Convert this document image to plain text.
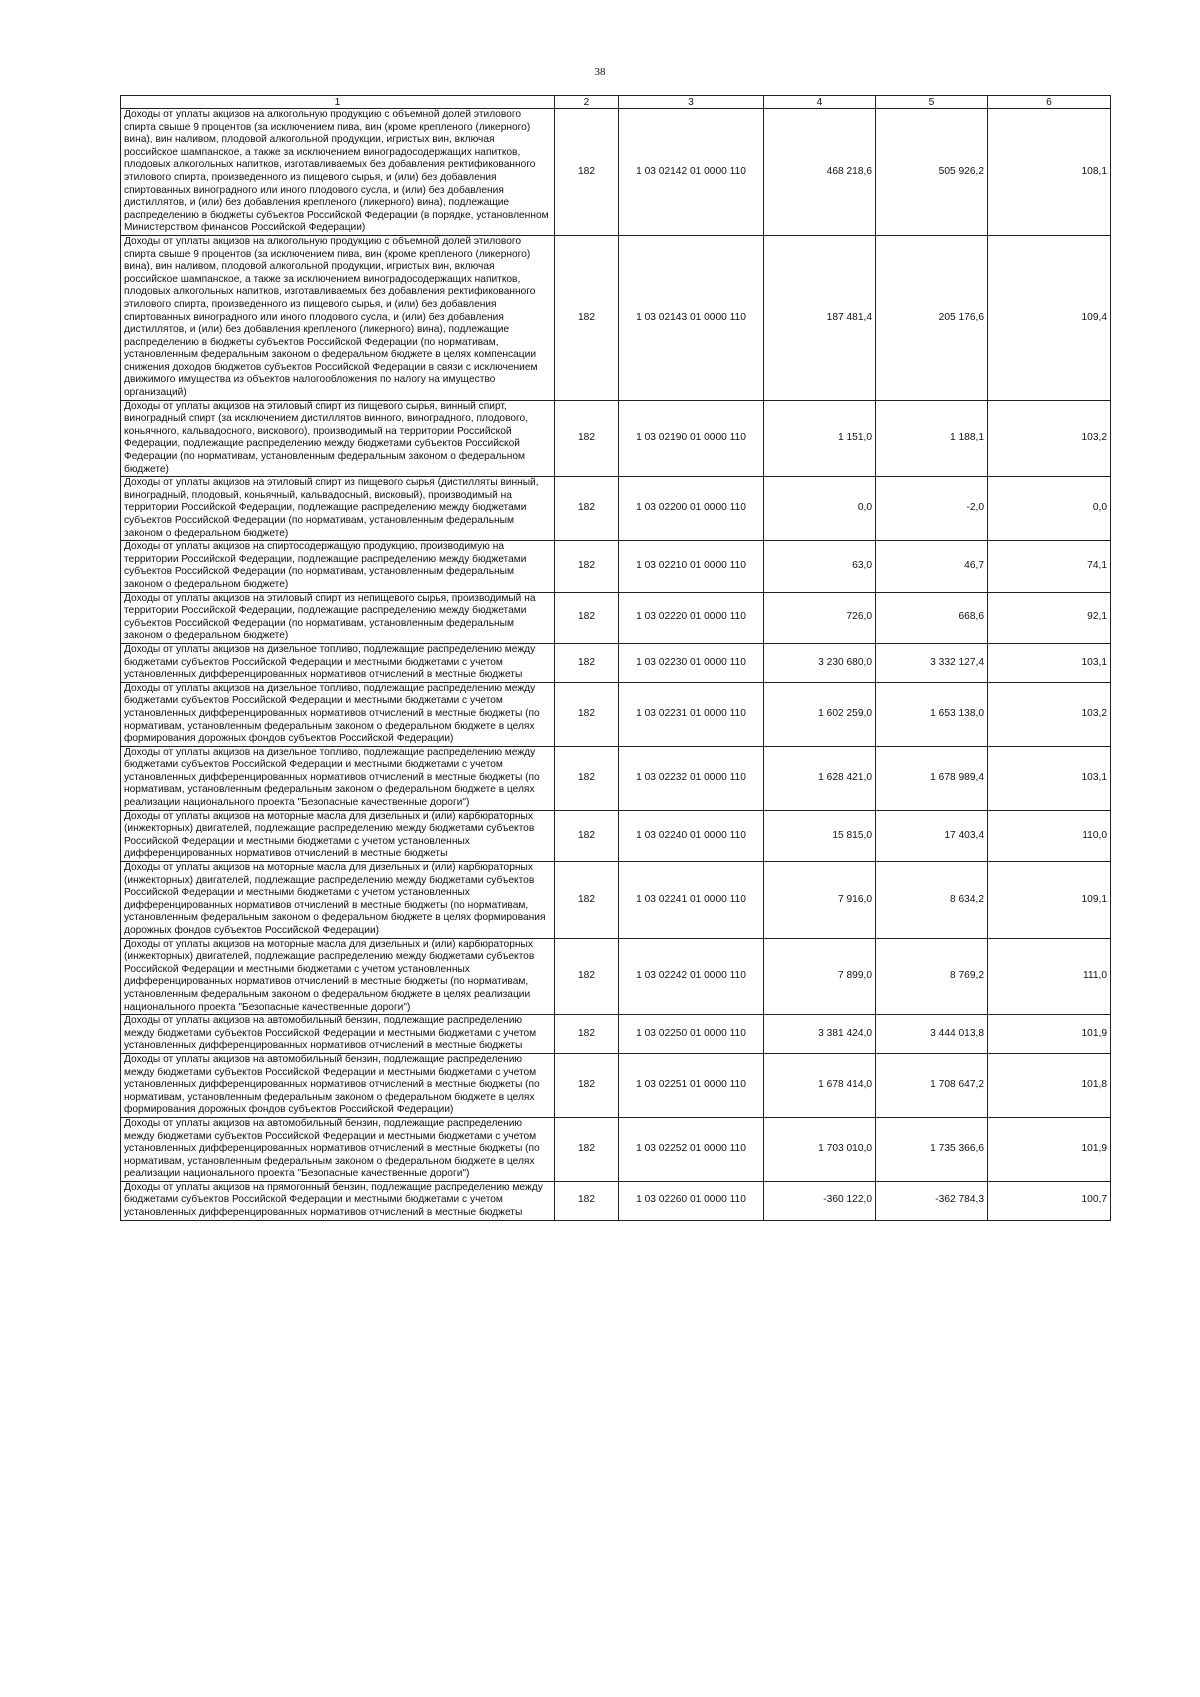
38
1	2	3	4	5	6
Доходы от уплаты акцизов на алкогольную продукцию с объемной долей этилового спирта свыше 9 процентов (за исключением пива, вин (кроме крепленого (ликерного) вина), вин наливом, плодовой алкогольной продукции, игристых вин, включая российское шампанское, а также за исключением виноградосодержащих напитков, плодовых алкогольных напитков, изготавливаемых без добавления ректификованного этилового спирта, произведенного из пищевого сырья, и (или) без добавления спиртованных виноградного или иного плодового сусла, и (или) без добавления дистиллятов, и (или) без добавления крепленого (ликерного) вина), подлежащие распределению в бюджеты субъектов Российской Федерации (в порядке, установленном Министерством финансов Российской Федерации)	182	1 03 02142 01 0000 110	468 218,6	505 926,2	108,1
Доходы от уплаты акцизов на алкогольную продукцию с объемной долей этилового спирта свыше 9 процентов (за исключением пива, вин (кроме крепленого (ликерного) вина), вин наливом, плодовой алкогольной продукции, игристых вин, включая российское шампанское, а также за исключением виноградосодержащих напитков, плодовых алкогольных напитков, изготавливаемых без добавления ректификованного этилового спирта, произведенного из пищевого сырья, и (или) без добавления спиртованных виноградного или иного плодового сусла, и (или) без добавления дистиллятов, и (или) без добавления крепленого (ликерного) вина), подлежащие распределению в бюджеты субъектов Российской Федерации (по нормативам, установленным федеральным законом о федеральном бюджете в целях компенсации снижения доходов бюджетов субъектов Российской Федерации в связи с исключением движимого имущества из объектов налогообложения по налогу на имущество организаций)	182	1 03 02143 01 0000 110	187 481,4	205 176,6	109,4
Доходы от уплаты акцизов на этиловый спирт из пищевого сырья, винный спирт, виноградный спирт (за исключением дистиллятов винного, виноградного, плодового, коньячного, кальвадосного, вискового), производимый на территории Российской Федерации, подлежащие распределению между бюджетами субъектов Российской Федерации (по нормативам, установленным федеральным законом о федеральном бюджете)	182	1 03 02190 01 0000 110	1 151,0	1 188,1	103,2
Доходы от уплаты акцизов на этиловый спирт из пищевого сырья (дистилляты винный, виноградный, плодовый, коньячный, кальвадосный, висковый), производимый на территории Российской Федерации, подлежащие распределению между бюджетами субъектов Российской Федерации (по нормативам, установленным федеральным законом о федеральном бюджете)	182	1 03 02200 01 0000 110	0,0	-2,0	0,0
Доходы от уплаты акцизов на спиртосодержащую продукцию, производимую на территории Российской Федерации, подлежащие распределению между бюджетами субъектов Российской Федерации (по нормативам, установленным федеральным законом о федеральном бюджете)	182	1 03 02210 01 0000 110	63,0	46,7	74,1
Доходы от уплаты акцизов на этиловый спирт из непищевого сырья, производимый на территории Российской Федерации, подлежащие распределению между бюджетами субъектов Российской Федерации (по нормативам, установленным федеральным законом о федеральном бюджете)	182	1 03 02220 01 0000 110	726,0	668,6	92,1
Доходы от уплаты акцизов на дизельное топливо, подлежащие распределению между бюджетами субъектов Российской Федерации и местными бюджетами с учетом установленных дифференцированных нормативов отчислений в местные бюджеты	182	1 03 02230 01 0000 110	3 230 680,0	3 332 127,4	103,1
Доходы от уплаты акцизов на дизельное топливо, подлежащие распределению между бюджетами субъектов Российской Федерации и местными бюджетами с учетом установленных дифференцированных нормативов отчислений в местные бюджеты (по нормативам, установленным федеральным законом о федеральном бюджете в целях формирования дорожных фондов субъектов Российской Федерации)	182	1 03 02231 01 0000 110	1 602 259,0	1 653 138,0	103,2
Доходы от уплаты акцизов на дизельное топливо, подлежащие распределению между бюджетами субъектов Российской Федерации и местными бюджетами с учетом установленных дифференцированных нормативов отчислений в местные бюджеты (по нормативам, установленным федеральным законом о федеральном бюджете в целях реализации национального проекта "Безопасные качественные дороги")	182	1 03 02232 01 0000 110	1 628 421,0	1 678 989,4	103,1
Доходы от уплаты акцизов на моторные масла для дизельных и (или) карбюраторных (инжекторных) двигателей, подлежащие распределению между бюджетами субъектов Российской Федерации и местными бюджетами с учетом установленных дифференцированных нормативов отчислений в местные бюджеты	182	1 03 02240 01 0000 110	15 815,0	17 403,4	110,0
Доходы от уплаты акцизов на моторные масла для дизельных и (или) карбюраторных (инжекторных) двигателей, подлежащие распределению между бюджетами субъектов Российской Федерации и местными бюджетами с учетом установленных дифференцированных нормативов отчислений в местные бюджеты (по нормативам, установленным федеральным законом о федеральном бюджете в целях формирования дорожных фондов субъектов Российской Федерации)	182	1 03 02241 01 0000 110	7 916,0	8 634,2	109,1
Доходы от уплаты акцизов на моторные масла для дизельных и (или) карбюраторных (инжекторных) двигателей, подлежащие распределению между бюджетами субъектов Российской Федерации и местными бюджетами с учетом установленных дифференцированных нормативов отчислений в местные бюджеты (по нормативам, установленным федеральным законом о федеральном бюджете в целях реализации национального проекта "Безопасные качественные дороги")	182	1 03 02242 01 0000 110	7 899,0	8 769,2	111,0
Доходы от уплаты акцизов на автомобильный бензин, подлежащие распределению между бюджетами субъектов Российской Федерации и местными бюджетами с учетом установленных дифференцированных нормативов отчислений в местные бюджеты	182	1 03 02250 01 0000 110	3 381 424,0	3 444 013,8	101,9
Доходы от уплаты акцизов на автомобильный бензин, подлежащие распределению между бюджетами субъектов Российской Федерации и местными бюджетами с учетом установленных дифференцированных нормативов отчислений в местные бюджеты (по нормативам, установленным федеральным законом о федеральном бюджете в целях формирования дорожных фондов субъектов Российской Федерации)	182	1 03 02251 01 0000 110	1 678 414,0	1 708 647,2	101,8
Доходы от уплаты акцизов на автомобильный бензин, подлежащие распределению между бюджетами субъектов Российской Федерации и местными бюджетами с учетом установленных дифференцированных нормативов отчислений в местные бюджеты (по нормативам, установленным федеральным законом о федеральном бюджете в целях реализации национального проекта "Безопасные качественные дороги")	182	1 03 02252 01 0000 110	1 703 010,0	1 735 366,6	101,9
Доходы от уплаты акцизов на прямогонный бензин, подлежащие распределению между бюджетами субъектов Российской Федерации и местными бюджетами с учетом установленных дифференцированных нормативов отчислений в местные бюджеты	182	1 03 02260 01 0000 110	-360 122,0	-362 784,3	100,7
